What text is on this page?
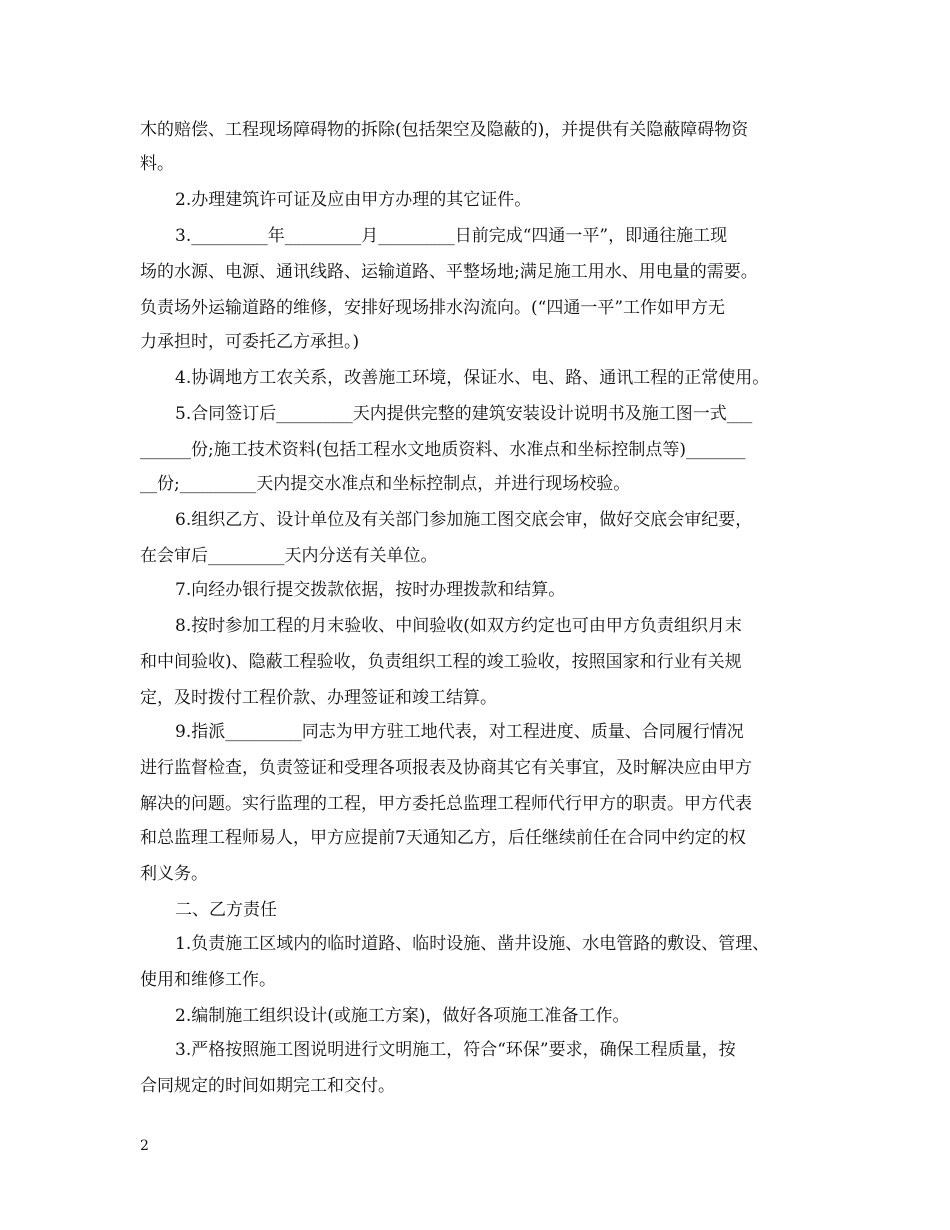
木的赔偿、工程现场障碍物的拆除(包括架空及隐蔽的)，并提供有关隐蔽障碍物资
料。
2.办理建筑许可证及应由甲方办理的其它证件。
3._________年_________月_________日前完成“四通一平”，即通往施工现
场的水源、电源、通讯线路、运输道路、平整场地;满足施工用水、用电量的需要。
负责场外运输道路的维修，安排好现场排水沟流向。(“四通一平”工作如甲方无
力承担时，可委托乙方承担。)
4.协调地方工农关系，改善施工环境，保证水、电、路、通讯工程的正常使用。
5.合同签订后_________天内提供完整的建筑安装设计说明书及施工图一式___
______份;施工技术资料(包括工程水文地质资料、水准点和坐标控制点等)_______
__份;_________天内提交水准点和坐标控制点，并进行现场校验。
6.组织乙方、设计单位及有关部门参加施工图交底会审，做好交底会审纪要，
在会审后_________天内分送有关单位。
7.向经办银行提交拨款依据，按时办理拨款和结算。
8.按时参加工程的月末验收、中间验收(如双方约定也可由甲方负责组织月末
和中间验收)、隐蔽工程验收，负责组织工程的竣工验收，按照国家和行业有关规
定，及时拨付工程价款、办理签证和竣工结算。
9.指派_________同志为甲方驻工地代表，对工程进度、质量、合同履行情况
进行监督检查，负责签证和受理各项报表及协商其它有关事宜，及时解决应由甲方
解决的问题。实行监理的工程，甲方委托总监理工程师代行甲方的职责。甲方代表
和总监理工程师易人，甲方应提前7天通知乙方，后任继续前任在合同中约定的权
利义务。
二、乙方责任
1.负责施工区域内的临时道路、临时设施、凿井设施、水电管路的敷设、管理、
使用和维修工作。
2.编制施工组织设计(或施工方案)，做好各项施工准备工作。
3.严格按照施工图说明进行文明施工，符合“环保”要求，确保工程质量，按
合同规定的时间如期完工和交付。
2
